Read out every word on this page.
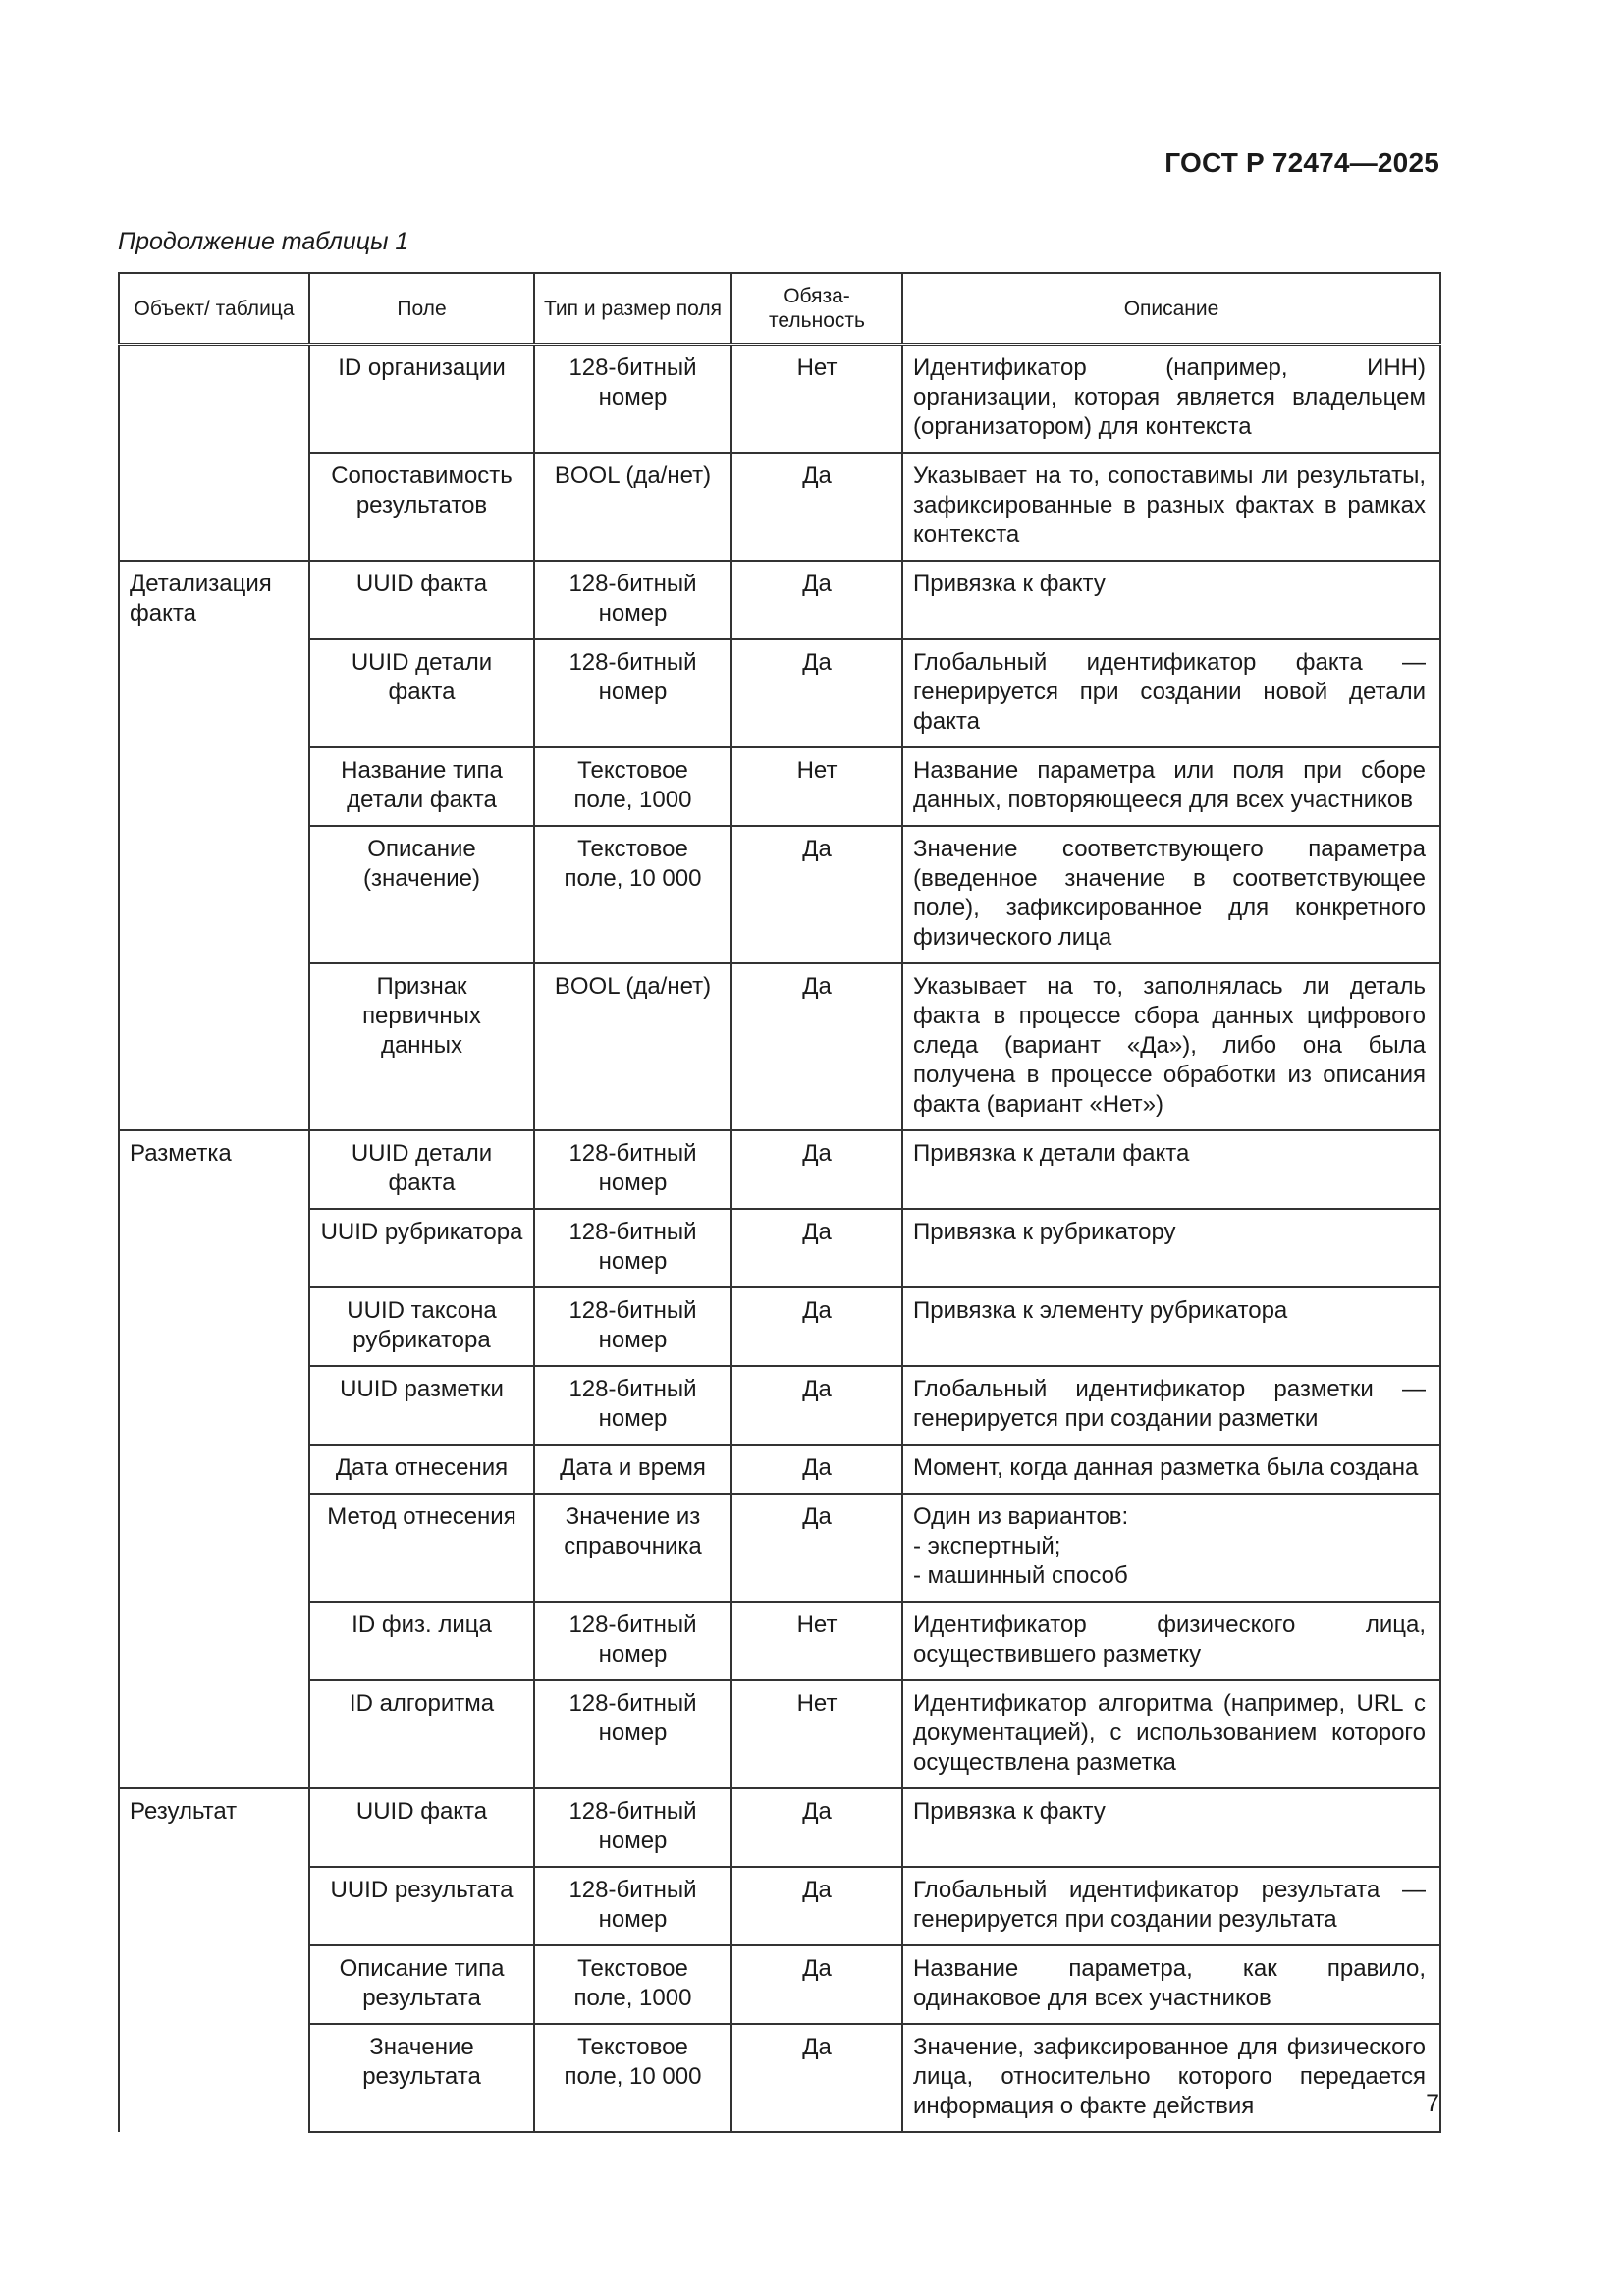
ГОСТ Р 72474—2025
Продолжение таблицы 1
Объект/ таблица	Поле	Тип и размер поля	Обяза- тельность	Описание
	ID организации	128-битный номер	Нет	Идентификатор (например, ИНН) организации, которая является владельцем (организатором) для контекста
	Сопоставимость результатов	BOOL (да/нет)	Да	Указывает на то, сопоставимы ли результаты, зафиксированные в разных фактах в рамках контекста
Детализация факта	UUID факта	128-битный номер	Да	Привязка к факту
	UUID детали факта	128-битный номер	Да	Глобальный идентификатор факта — генерируется при создании новой детали факта
	Название типа детали факта	Текстовое поле, 1000	Нет	Название параметра или поля при сборе данных, повторяющееся для всех участников
	Описание (значение)	Текстовое поле, 10 000	Да	Значение соответствующего параметра (введенное значение в соответствующее поле), зафиксированное для конкретного физического лица
	Признак первичных данных	BOOL (да/нет)	Да	Указывает на то, заполнялась ли деталь факта в процессе сбора данных цифрового следа (вариант «Да»), либо она была получена в процессе обработки из описания факта (вариант «Нет»)
Разметка	UUID детали факта	128-битный номер	Да	Привязка к детали факта
	UUID рубрикатора	128-битный номер	Да	Привязка к рубрикатору
	UUID таксона рубрикатора	128-битный номер	Да	Привязка к элементу рубрикатора
	UUID разметки	128-битный номер	Да	Глобальный идентификатор разметки — генерируется при создании разметки
	Дата отнесения	Дата и время	Да	Момент, когда данная разметка была создана
	Метод отнесения	Значение из справочника	Да	Один из вариантов:
- экспертный;
- машинный способ

	ID физ. лица	128-битный номер	Нет	Идентификатор физического лица, осуществившего разметку
	ID алгоритма	128-битный номер	Нет	Идентификатор алгоритма (например, URL с документацией), с использованием которого осуществлена разметка
Результат	UUID факта	128-битный номер	Да	Привязка к факту
	UUID результата	128-битный номер	Да	Глобальный идентификатор результата — генерируется при создании результата
	Описание типа результата	Текстовое поле, 1000	Да	Название параметра, как правило, одинаковое для всех участников
	Значение результата	Текстовое поле, 10 000	Да	Значение, зафиксированное для физического лица, относительно которого передается информация о факте действия	7
